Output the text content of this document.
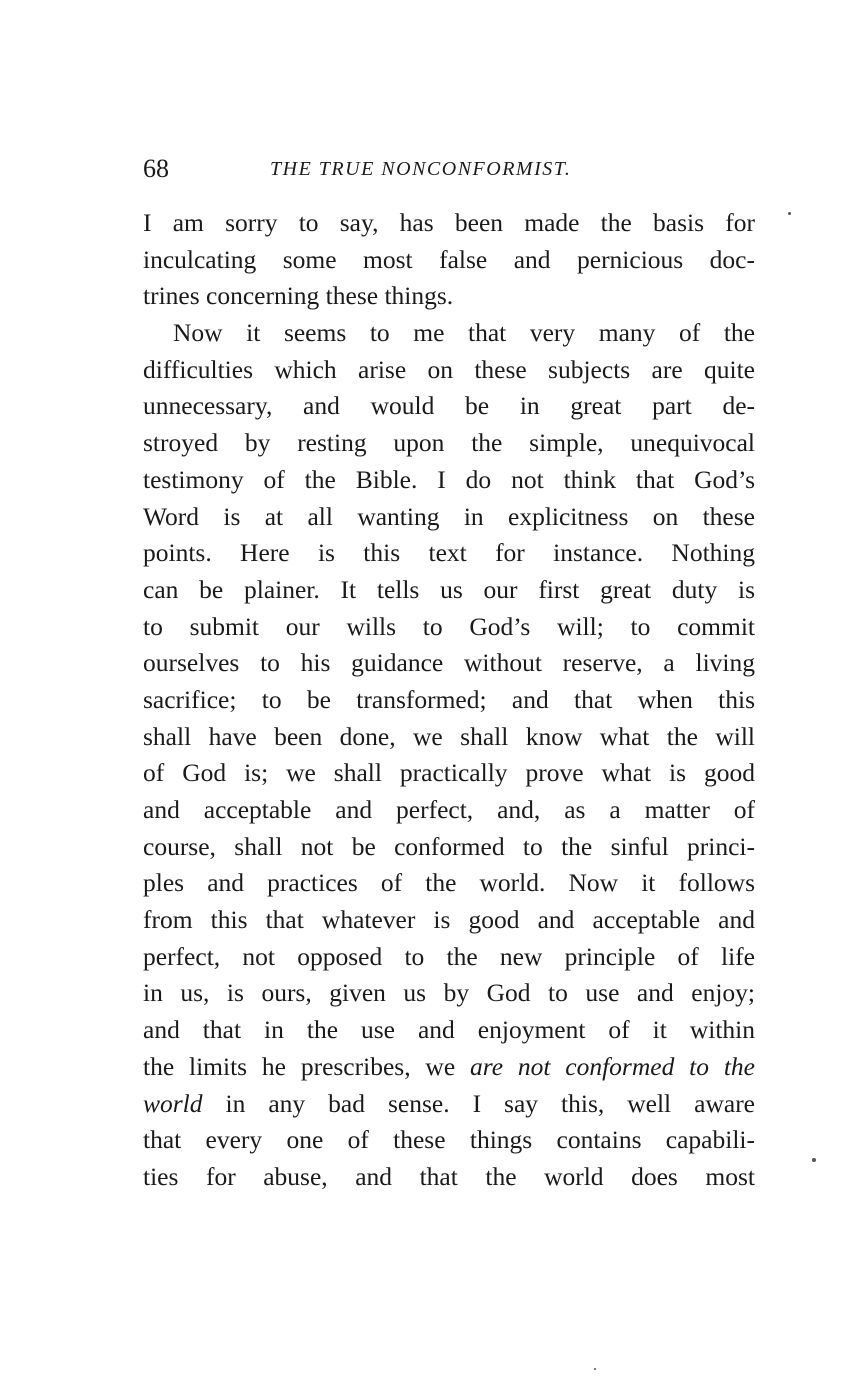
68	THE TRUE NONCONFORMIST.
I am sorry to say, has been made the basis for
inculcating some most false and pernicious doc-
trines concerning these things.
Now it seems to me that very many of the
difficulties which arise on these subjects are quite
unnecessary, and would be in great part de-
stroyed by resting upon the simple, unequivocal
testimony of the Bible. I do not think that God’s
Word is at all wanting in explicitness on these
points. Here is this text for instance. Nothing
can be plainer. It tells us our first great duty is
to submit our wills to God’s will; to commit
ourselves to his guidance without reserve, a living
sacrifice; to be transformed; and that when this
shall have been done, we shall know what the will
of God is; we shall practically prove what is good
and acceptable and perfect, and, as a matter of
course, shall not be conformed to the sinful princi-
ples and practices of the world. Now it follows
from this that whatever is good and acceptable and
perfect, not opposed to the new principle of life
in us, is ours, given us by God to use and enjoy;
and that in the use and enjoyment of it within
the limits he prescribes, we are not conformed to the
world in any bad sense. I say this, well aware
that every one of these things contains capabili-
ties for abuse, and that the world does most
